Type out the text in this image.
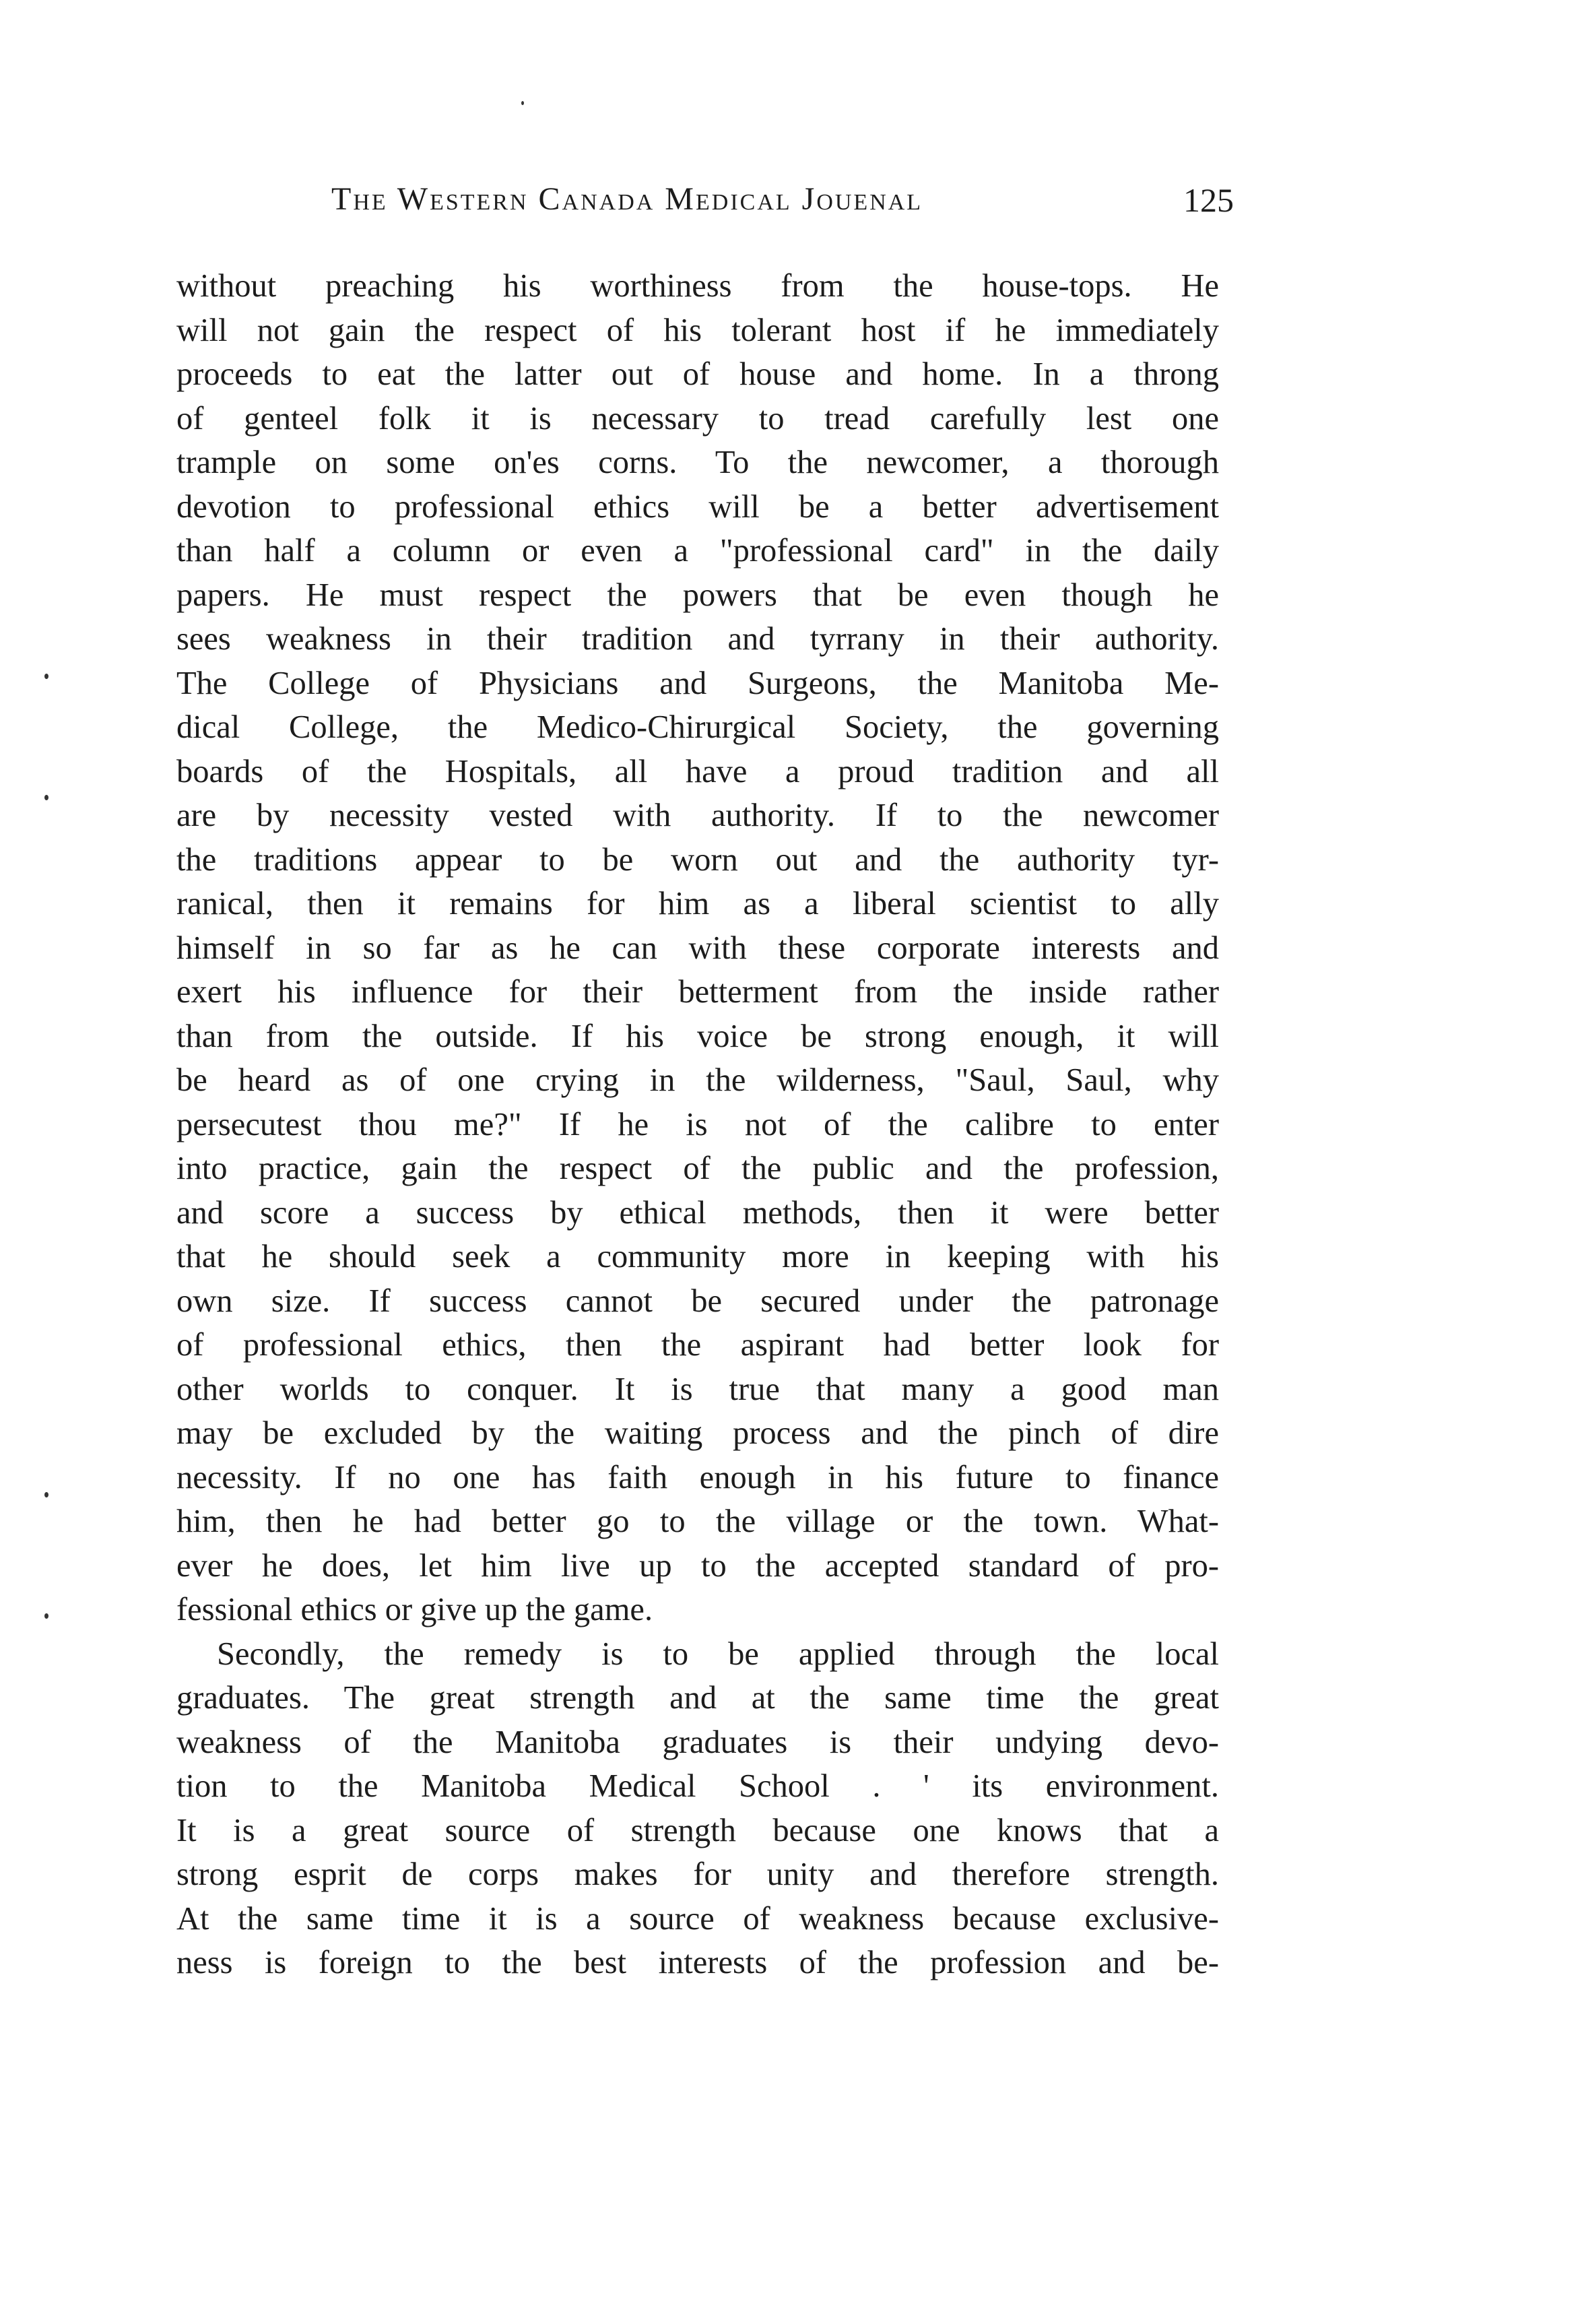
The Western Canada Medical Jouenal	125
without preaching his worthiness from the house-tops. He
will not gain the respect of his tolerant host if he immediately
proceeds to eat the latter out of house and home. In a throng
of genteel folk it is necessary to tread carefully lest one
trample on some on'es corns. To the newcomer, a thorough
devotion to professional ethics will be a better advertisement
than half a column or even a "professional card" in the daily
papers. He must respect the powers that be even though he
sees weakness in their tradition and tyrrany in their authority.
The College of Physicians and Surgeons, the Manitoba Me-
dical College, the Medico-Chirurgical Society, the governing
boards of the Hospitals, all have a proud tradition and all
are by necessity vested with authority. If to the newcomer
the traditions appear to be worn out and the authority tyr-
ranical, then it remains for him as a liberal scientist to ally
himself in so far as he can with these corporate interests and
exert his influence for their betterment from the inside rather
than from the outside. If his voice be strong enough, it will
be heard as of one crying in the wilderness, "Saul, Saul, why
persecutest thou me?" If he is not of the calibre to enter
into practice, gain the respect of the public and the profession,
and score a success by ethical methods, then it were better
that he should seek a community more in keeping with his
own size. If success cannot be secured under the patronage
of professional ethics, then the aspirant had better look for
other worlds to conquer. It is true that many a good man
may be excluded by the waiting process and the pinch of dire
necessity. If no one has faith enough in his future to finance
him, then he had better go to the village or the town. What-
ever he does, let him live up to the accepted standard of pro-
fessional ethics or give up the game.
Secondly, the remedy is to be applied through the local
graduates. The great strength and at the same time the great
weakness of the Manitoba graduates is their undying devo-
tion to the Manitoba Medical School . ' its environment.
It is a great source of strength because one knows that a
strong esprit de corps makes for unity and therefore strength.
At the same time it is a source of weakness because exclusive-
ness is foreign to the best interests of the profession and be-
